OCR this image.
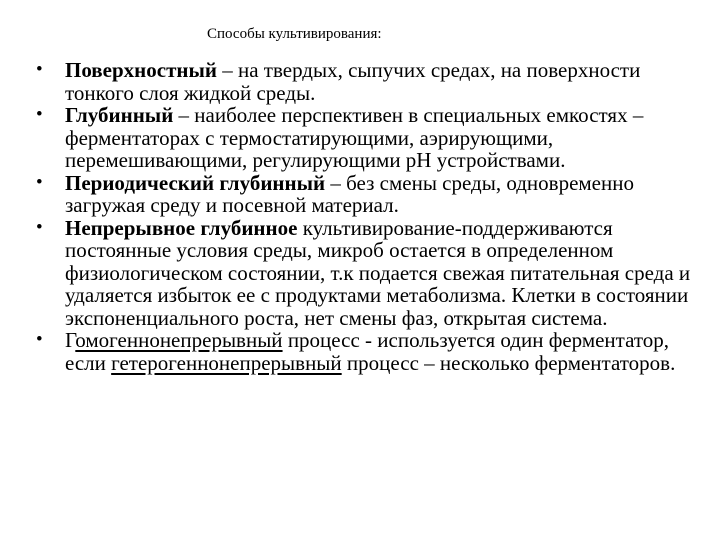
Способы культивирования:
• Поверхностный – на твердых, сыпучих средах, на поверхности тонкого слоя жидкой среды.
• Глубинный – наиболее перспективен в специальных емкостях – ферментаторах с термостатирующими, аэрирующими, перемешивающими, регулирующими рН устройствами.
• Периодический глубинный – без смены среды, одновременно загружая среду и посевной материал.
• Непрерывное глубинное культивирование-поддерживаются постоянные условия среды, микроб остается в определенном физиологическом состоянии, т.к подается свежая питательная среда и удаляется избыток ее с продуктами метаболизма. Клетки в состоянии экспоненциального роста, нет смены фаз, открытая система.
• Гомогеннонепрерывный процесс - используется один ферментатор, если гетерогеннонепрерывный процесс – несколько ферментаторов.
